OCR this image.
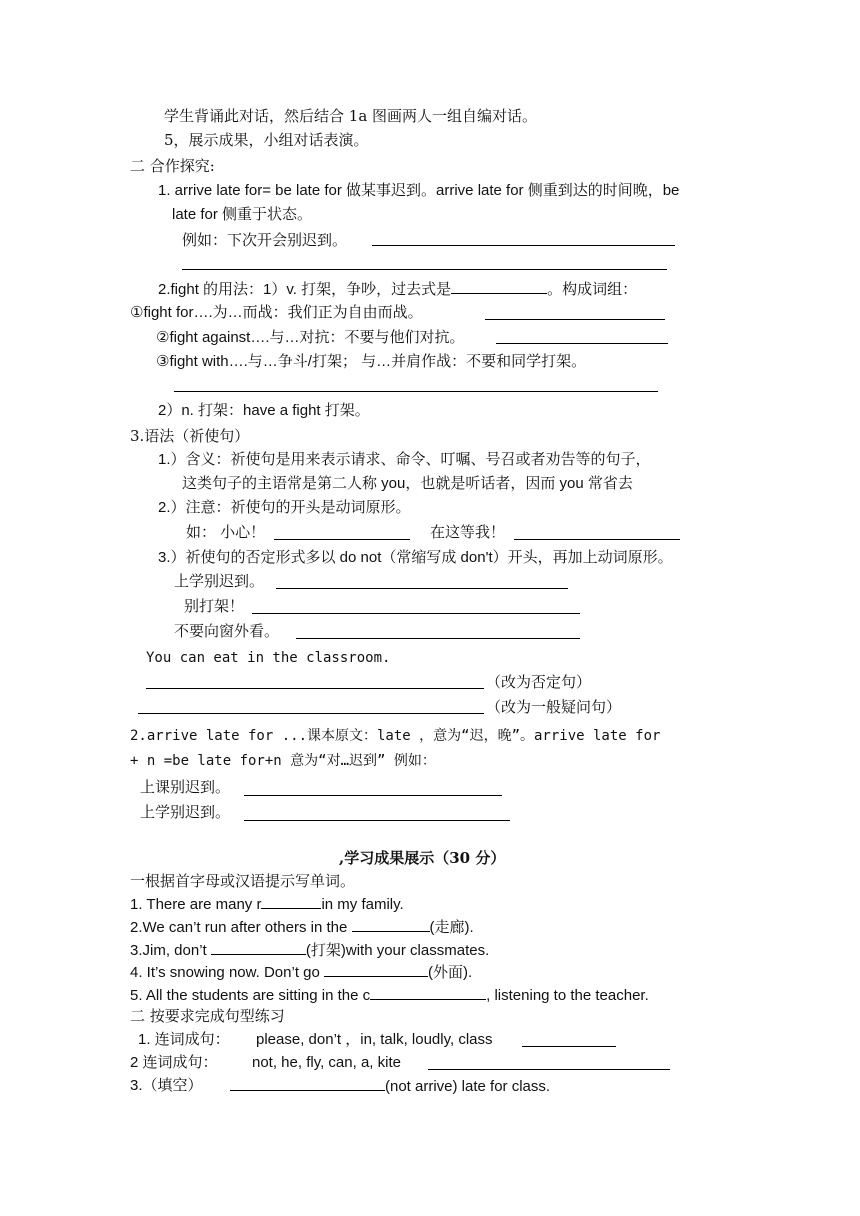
学生背诵此对话，然后结合 1a 图画两人一组自编对话。
5，展示成果，小组对话表演。
二 合作探究:
1. arrive late for= be late for 做某事迟到。arrive late for 侧重到达的时间晚，be
late for 侧重于状态。
例如：下次开会别迟到。
2.fight 的用法：1）v. 打架，争吵，过去式是	。构成词组：
①fight for….为…而战：我们正为自由而战。
②fight against….与…对抗：不要与他们对抗。
③fight with….与…争斗/打架； 与…并肩作战：不要和同学打架。
2）n. 打架：have a fight 打架。
3.语法（祈使句）
1.）含义：祈使句是用来表示请求、命令、叮嘱、号召或者劝告等的句子，
这类句子的主语常是第二人称 you，也就是听话者，因而 you 常省去
2.）注意：祈使句的开头是动词原形。
如： 小心！	在这等我！
3.）祈使句的否定形式多以 do not（常缩写成 don't）开头，再加上动词原形。
上学别迟到。
别打架！
不要向窗外看。
You can eat in the classroom.
（改为否定句）
（改为一般疑问句）
2.arrive late for ...课本原文：late ，意为“迟，晚”。arrive late for
+ n =be late for+n 意为“对…迟到” 例如：
上课别迟到。
上学别迟到。
,学习成果展示（30 分）
一根据首字母或汉语提示写单词。
1. There are many r	in my family.
2.We can’t run after others in the	(走廊).
3.Jim, don’t	(打架)with your classmates.
4. It’s snowing now. Don’t go	(外面).
5. All the students are sitting in the c	, listening to the teacher.
二 按要求完成句型练习
1. 连词成句： please, don’t ，in, talk, loudly, class
2 连词成句： not, he, fly, can, a, kite
3.（填空）	(not arrive) late for class.
